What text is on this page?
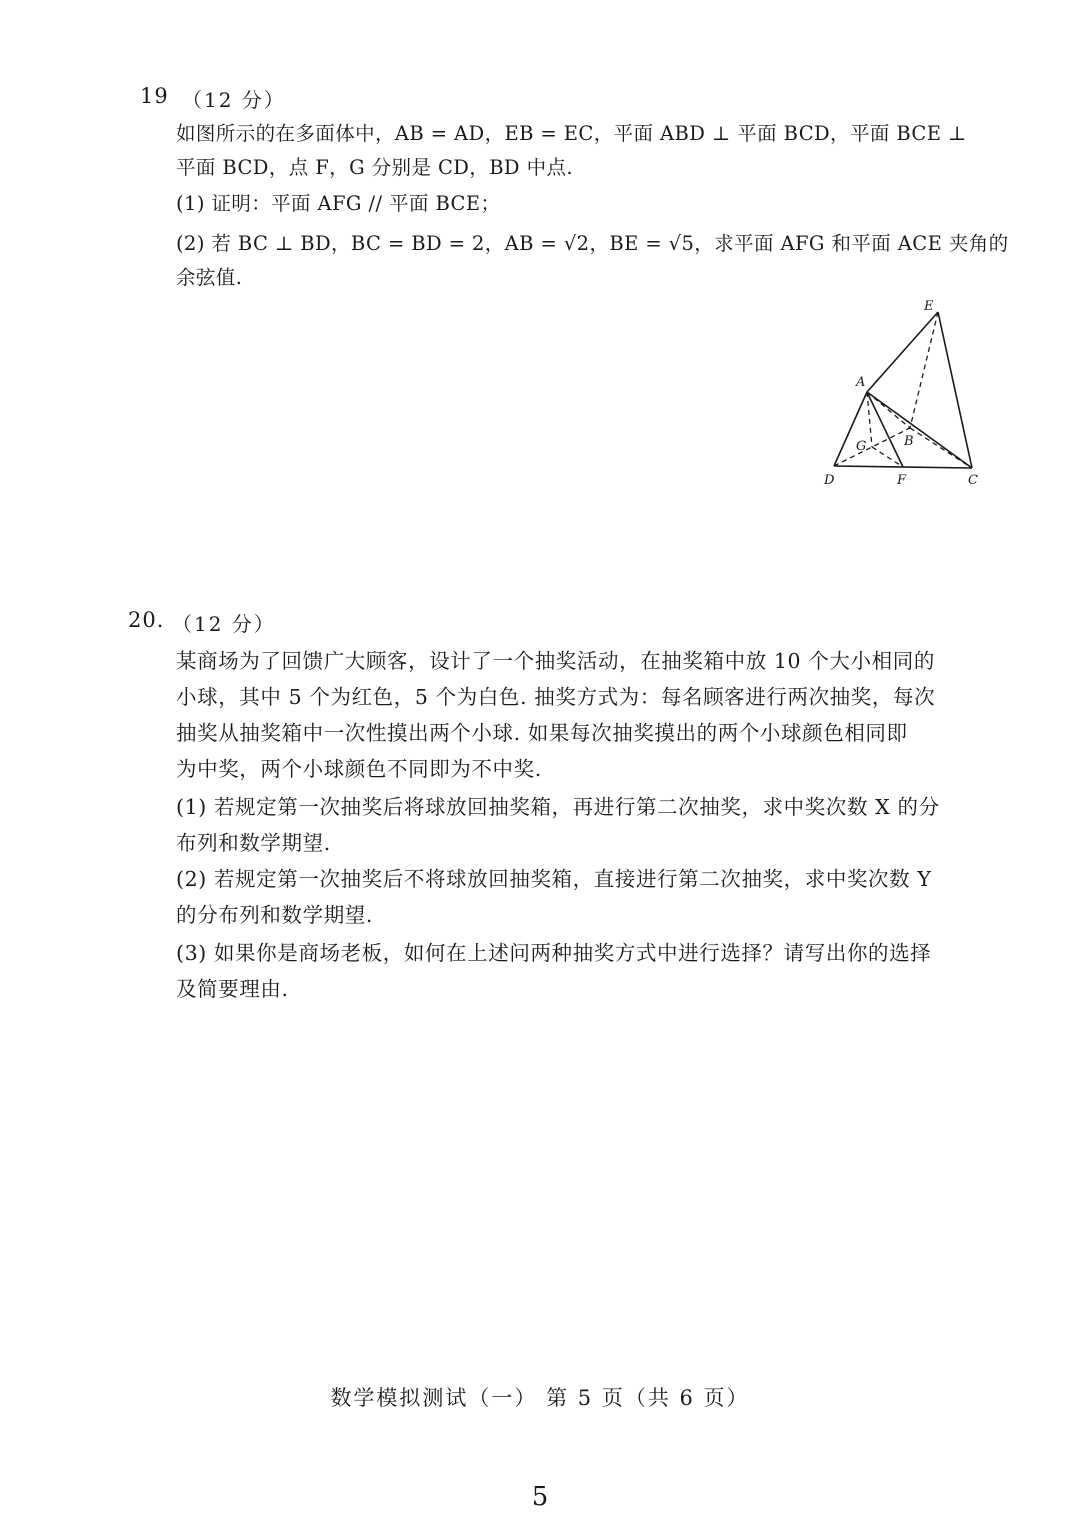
19 （12 分）
如图所示的在多面体中，AB = AD，EB = EC，平面 ABD ⊥ 平面 BCD，平面 BCE ⊥
平面 BCD，点 F，G 分别是 CD，BD 中点.
(1) 证明：平面 AFG // 平面 BCE；
(2) 若 BC ⊥ BD，BC = BD = 2，AB = √2，BE = √5，求平面 AFG 和平面 ACE 夹角的
余弦值.
E
A
G	B
D	F	C
20. （12 分）
某商场为了回馈广大顾客，设计了一个抽奖活动，在抽奖箱中放 10 个大小相同的
小球，其中 5 个为红色，5 个为白色. 抽奖方式为：每名顾客进行两次抽奖，每次
抽奖从抽奖箱中一次性摸出两个小球. 如果每次抽奖摸出的两个小球颜色相同即
为中奖，两个小球颜色不同即为不中奖.
(1) 若规定第一次抽奖后将球放回抽奖箱，再进行第二次抽奖，求中奖次数 X 的分
布列和数学期望.
(2) 若规定第一次抽奖后不将球放回抽奖箱，直接进行第二次抽奖，求中奖次数 Y
的分布列和数学期望.
(3) 如果你是商场老板，如何在上述问两种抽奖方式中进行选择？请写出你的选择
及简要理由.
数学模拟测试（一） 第 5 页（共 6 页）
5
